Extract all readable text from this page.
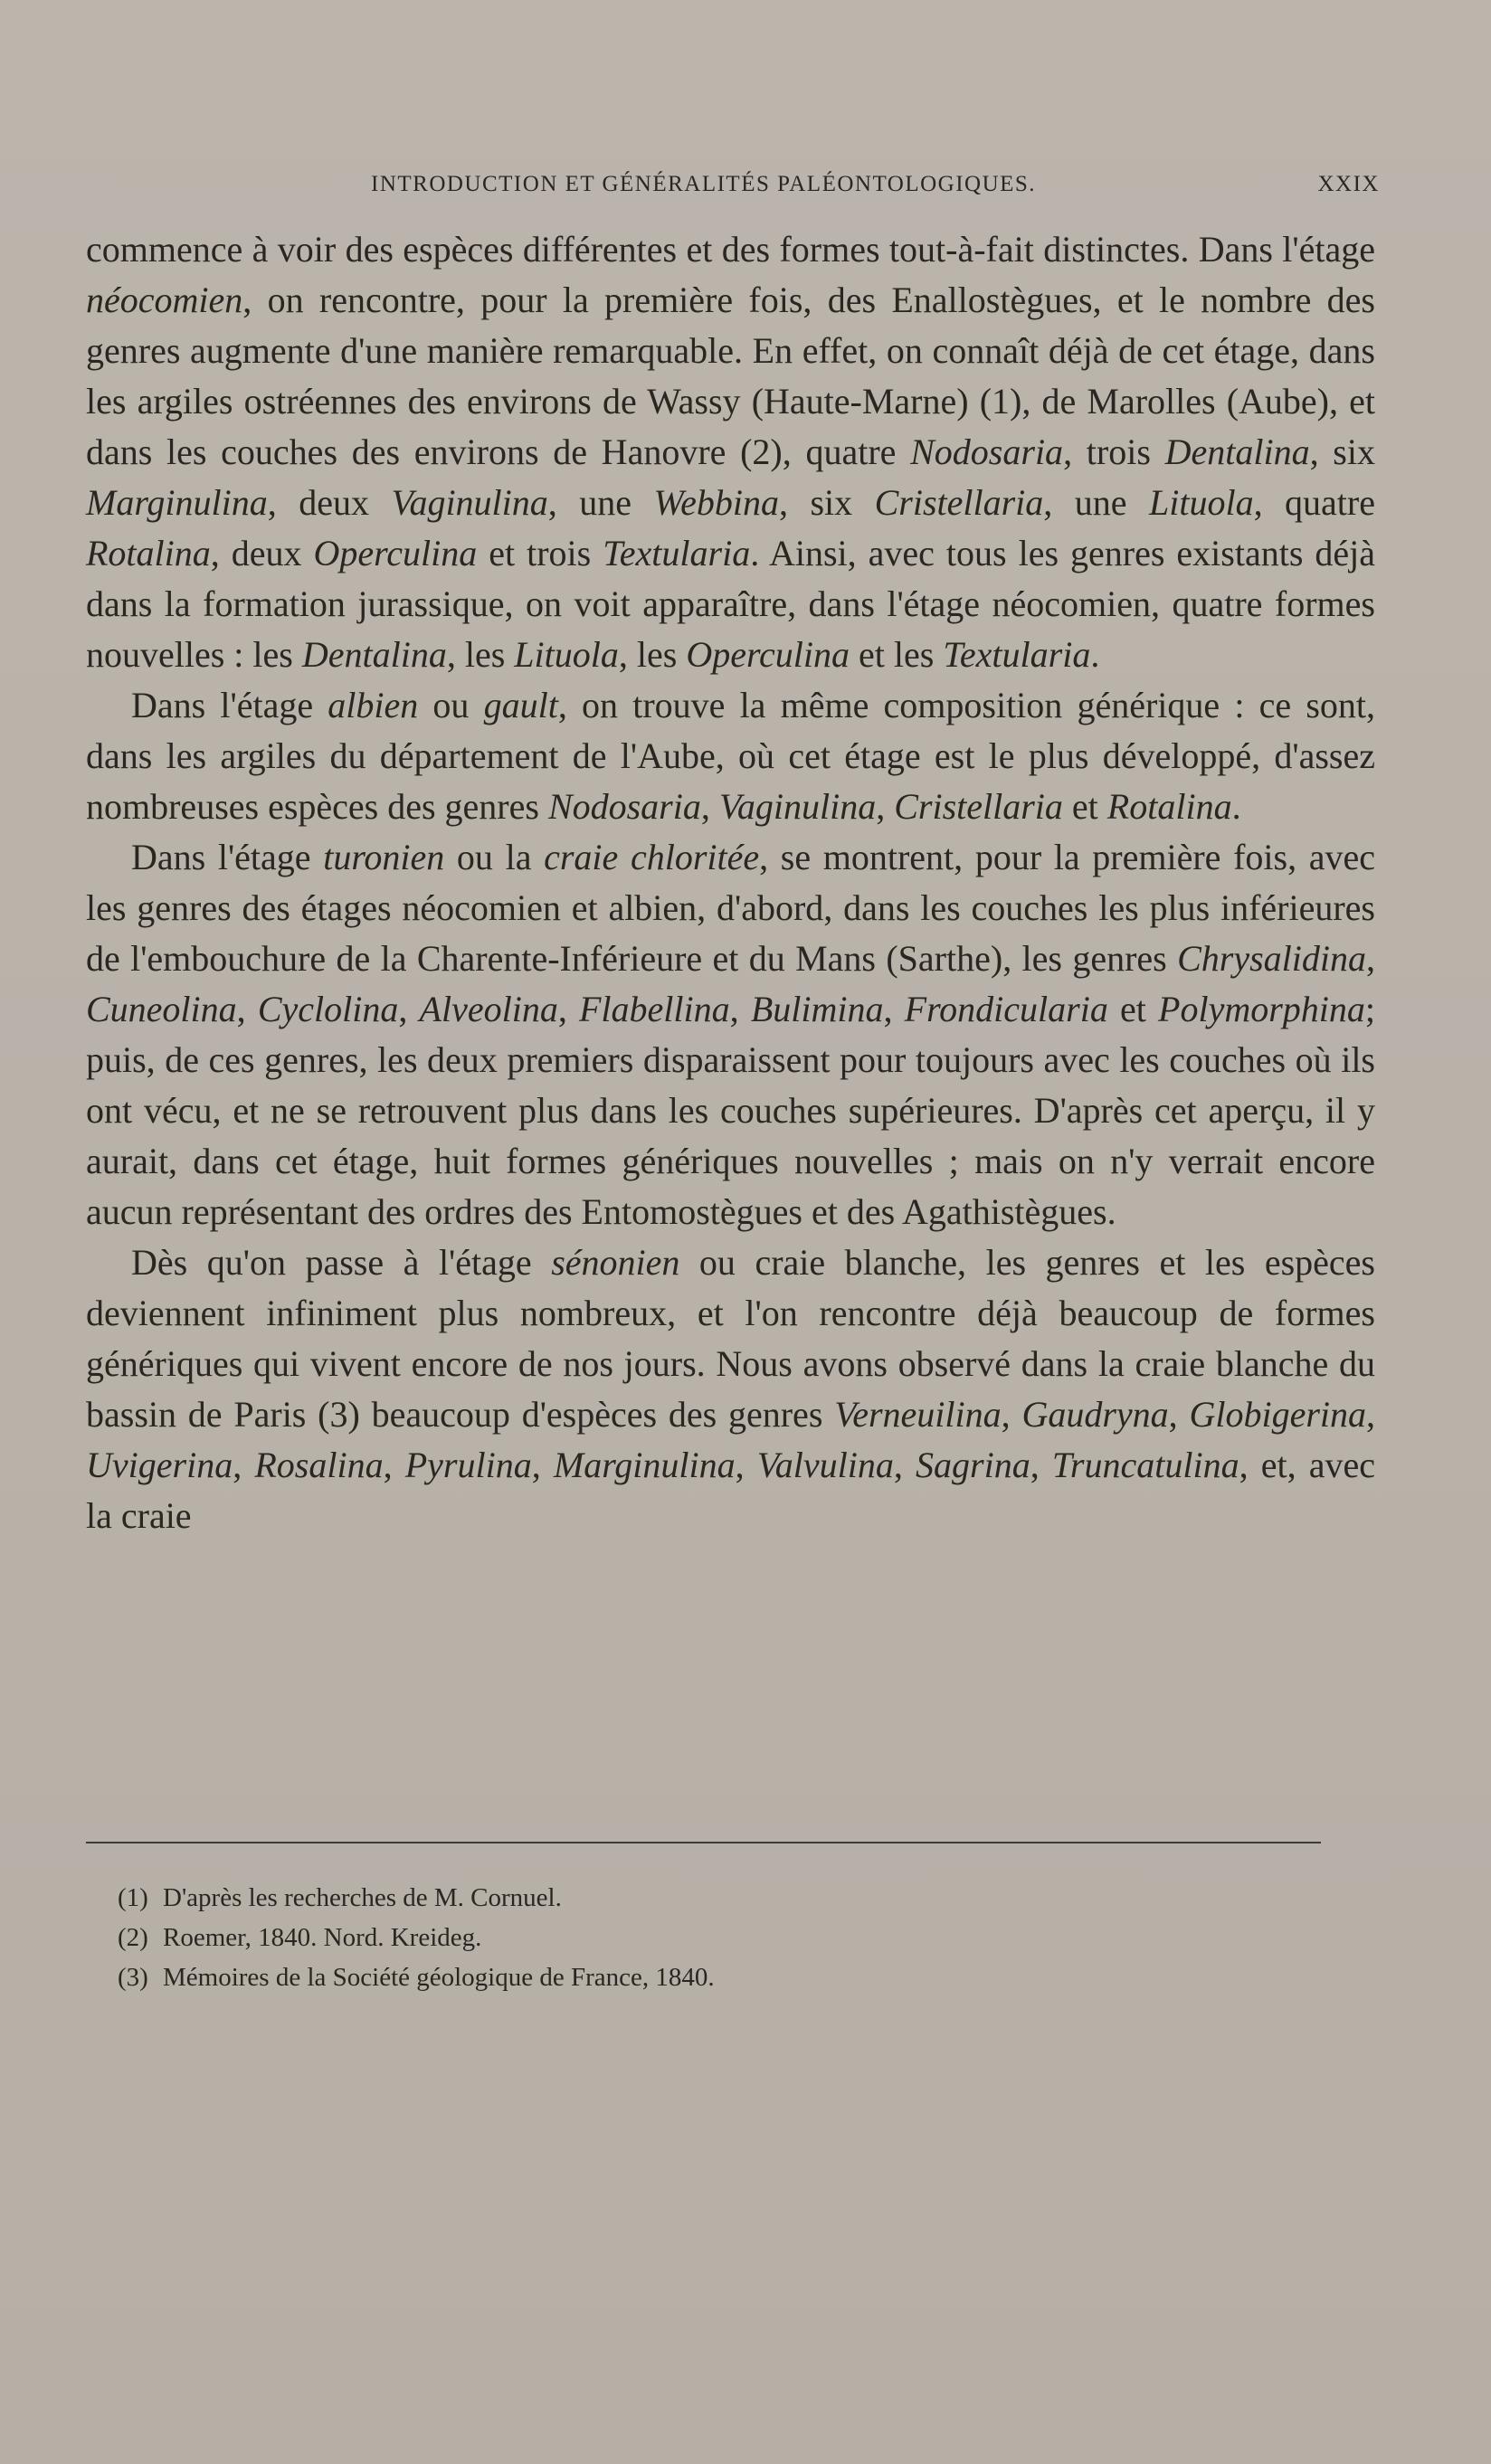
INTRODUCTION ET GÉNÉRALITÉS PALÉONTOLOGIQUES.	XXIX

commence à voir des espèces différentes et des formes tout-à-fait distinctes. Dans l'étage néocomien, on rencontre, pour la première fois, des Enallostègues, et le nombre des genres augmente d'une manière remarquable. En effet, on connaît déjà de cet étage, dans les argiles ostréennes des environs de Wassy (Haute-Marne) (1), de Marolles (Aube), et dans les couches des environs de Hanovre (2), quatre Nodosaria, trois Dentalina, six Marginulina, deux Vaginulina, une Webbina, six Cristellaria, une Lituola, quatre Rotalina, deux Operculina et trois Textularia. Ainsi, avec tous les genres existants déjà dans la formation jurassique, on voit apparaître, dans l'étage néocomien, quatre formes nouvelles : les Dentalina, les Lituola, les Operculina et les Textularia.

Dans l'étage albien ou gault, on trouve la même composition générique : ce sont, dans les argiles du département de l'Aube, où cet étage est le plus développé, d'assez nombreuses espèces des genres Nodosaria, Vaginulina, Cristellaria et Rotalina.

Dans l'étage turonien ou la craie chloritée, se montrent, pour la première fois, avec les genres des étages néocomien et albien, d'abord, dans les couches les plus inférieures de l'embouchure de la Charente-Inférieure et du Mans (Sarthe), les genres Chrysalidina, Cuneolina, Cyclolina, Alveolina, Flabellina, Bulimina, Frondicularia et Polymorphina; puis, de ces genres, les deux premiers disparaissent pour toujours avec les couches où ils ont vécu, et ne se retrouvent plus dans les couches supérieures. D'après cet aperçu, il y aurait, dans cet étage, huit formes génériques nouvelles ; mais on n'y verrait encore aucun représentant des ordres des Entomostègues et des Agathistègues.

Dès qu'on passe à l'étage sénonien ou craie blanche, les genres et les espèces deviennent infiniment plus nombreux, et l'on rencontre déjà beaucoup de formes génériques qui vivent encore de nos jours. Nous avons observé dans la craie blanche du bassin de Paris (3) beaucoup d'espèces des genres Verneuilina, Gaudryna, Globigerina, Uvigerina, Rosalina, Pyrulina, Marginulina, Valvulina, Sagrina, Truncatulina, et, avec la craie

(1) D'après les recherches de M. Cornuel.
(2) Roemer, 1840. Nord. Kreideg.
(3) Mémoires de la Société géologique de France, 1840.
